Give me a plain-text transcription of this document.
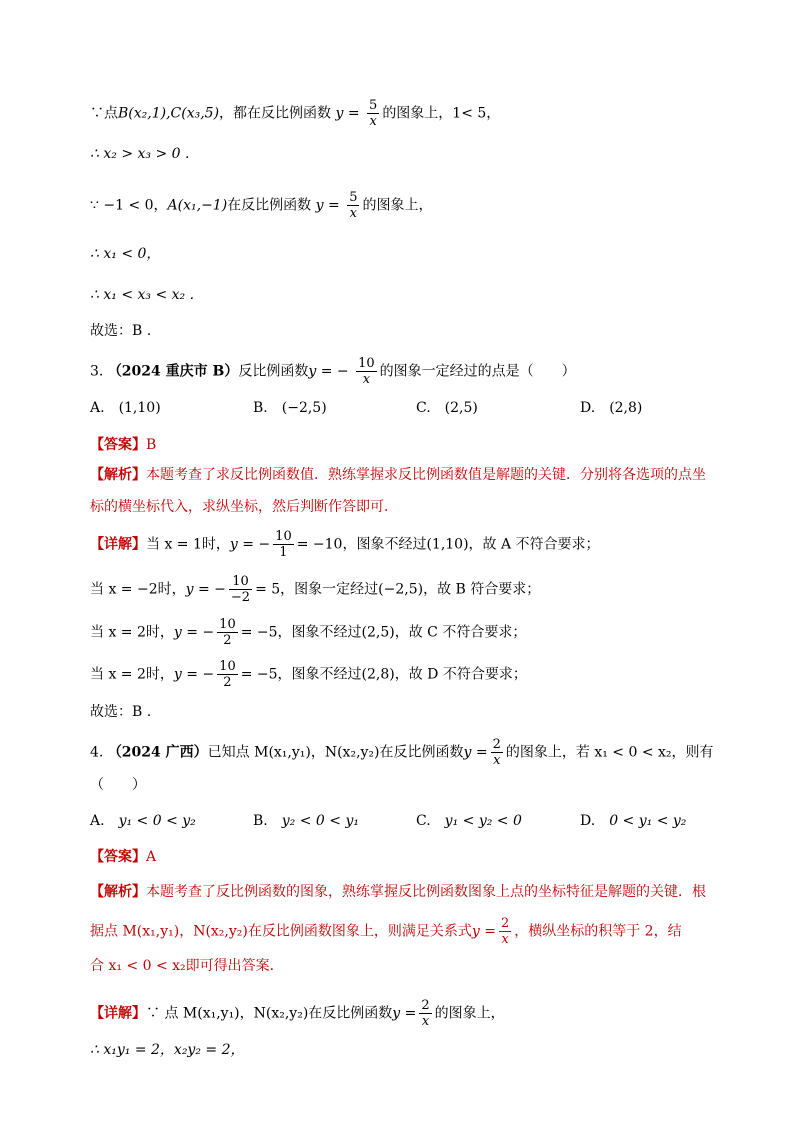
∵点B(x₂,1),C(x₃,5)，都在反比例函数 $y = \frac{5}{x}$ 的图象上，1< 5，
∴ x₂ > x₃ > 0 .
∵ −1 < 0，A(x₁,−1)在反比例函数 $y = \frac{5}{x}$ 的图象上，
∴ x₁ < 0，
∴ x₁ < x₃ < x₂ .
故选：B .
3. （2024 重庆市 B）反比例函数y = − $\frac{10}{x}$ 的图象一定经过的点是（　　）
A.　 (1,10)	B.　 (−2,5)	C.　 (2,5)	D.　 (2,8)
【答案】B
【解析】本题考查了求反比例函数值．熟练掌握求反比例函数值是解题的关键．分别将各选项的点坐
标的横坐标代入，求纵坐标，然后判断作答即可．
【详解】当 x = 1时，y = − $\frac{10}{1} = -10$，图象不经过(1,10)，故 A 不符合要求；
当 x = −2时，y = − $\frac{10}{-2} = 5$，图象一定经过(−2,5)，故 B 符合要求；
当 x = 2时，y = − $\frac{10}{2} = -5$，图象不经过(2,5)，故 C 不符合要求；
当 x = 2时，y = − $\frac{10}{2} = -5$，图象不经过(2,8)，故 D 不符合要求；
故选：B .
4. （2024 广西）已知点 M(x₁,y₁)，N(x₂,y₂)在反比例函数$y = \frac{2}{x}$ 的图象上，若 x₁ < 0 < x₂，则有
（　　）
A.　 y₁ < 0 < y₂	B.　 y₂ < 0 < y₁	C.　 y₁ < y₂ < 0	D.　 0 < y₁ < y₂
【答案】A
【解析】本题考查了反比例函数的图象，熟练掌握反比例函数图象上点的坐标特征是解题的关键．根
据点 M(x₁,y₁)，N(x₂,y₂)在反比例函数图象上，则满足关系式$y = \frac{2}{x}$ ，横纵坐标的积等于 2，结
合 x₁ < 0 < x₂即可得出答案．
【详解】∵ 点 M(x₁,y₁)，N(x₂,y₂)在反比例函数$y = \frac{2}{x}$ 的图象上，
∴ x₁y₁ = 2，x₂y₂ = 2，
